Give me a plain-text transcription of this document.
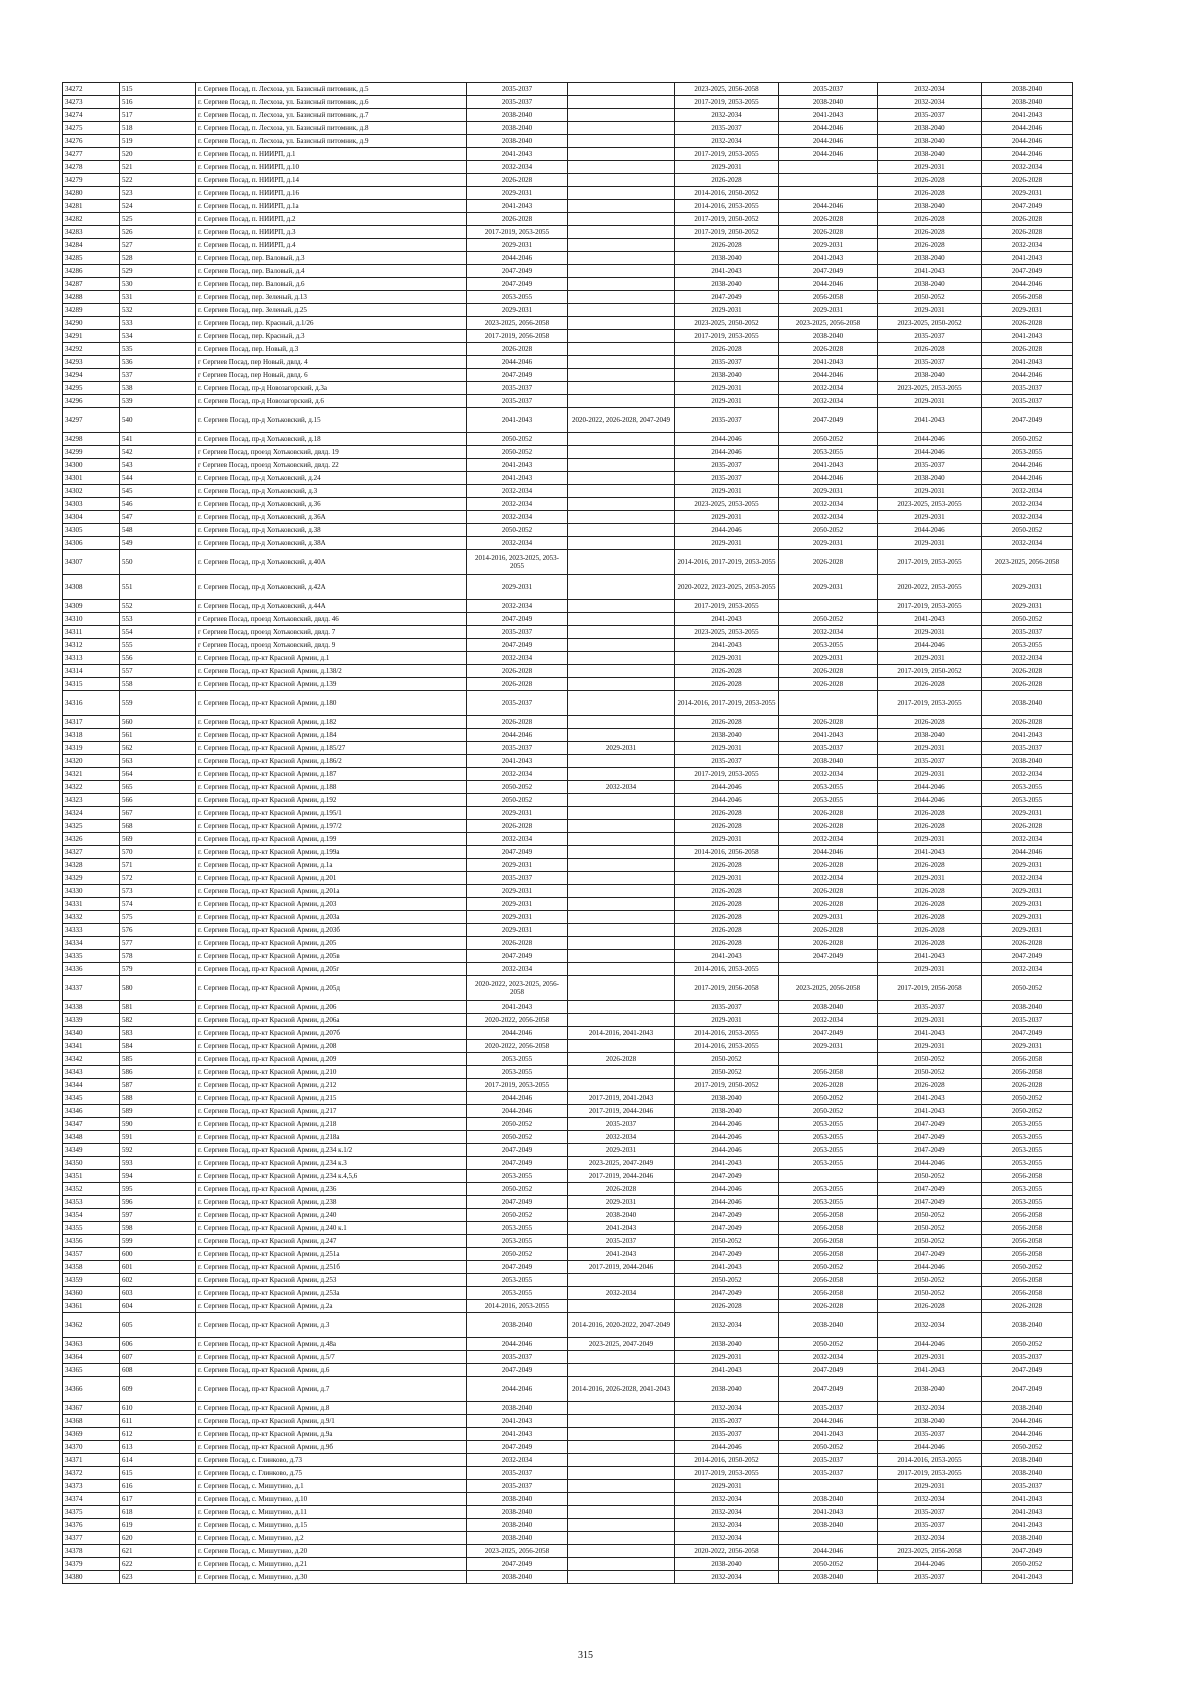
34272	515	г. Сергиев Посад, п. Лесхоза, ул. Базисный питомник, д.5	2035-2037		2023-2025, 2056-2058	2035-2037	2032-2034	2038-2040
34273	516	г. Сергиев Посад, п. Лесхоза, ул. Базисный питомник, д.6	2035-2037		2017-2019, 2053-2055	2038-2040	2032-2034	2038-2040
34274	517	г. Сергиев Посад, п. Лесхоза, ул. Базисный питомник, д.7	2038-2040		2032-2034	2041-2043	2035-2037	2041-2043
34275	518	г. Сергиев Посад, п. Лесхоза, ул. Базисный питомник, д.8	2038-2040		2035-2037	2044-2046	2038-2040	2044-2046
34276	519	г. Сергиев Посад, п. Лесхоза, ул. Базисный питомник, д.9	2038-2040		2032-2034	2044-2046	2038-2040	2044-2046
34277	520	г. Сергиев Посад, п. НИИРП, д.1	2041-2043		2017-2019, 2053-2055	2044-2046	2038-2040	2044-2046
34278	521	г. Сергиев Посад, п. НИИРП, д.10	2032-2034		2029-2031		2029-2031	2032-2034
34279	522	г. Сергиев Посад, п. НИИРП, д.14	2026-2028		2026-2028		2026-2028	2026-2028
34280	523	г. Сергиев Посад, п. НИИРП, д.16	2029-2031		2014-2016, 2050-2052		2026-2028	2029-2031
34281	524	г. Сергиев Посад, п. НИИРП, д.1а	2041-2043		2014-2016, 2053-2055	2044-2046	2038-2040	2047-2049
34282	525	г. Сергиев Посад, п. НИИРП, д.2	2026-2028		2017-2019, 2050-2052	2026-2028	2026-2028	2026-2028
34283	526	г. Сергиев Посад, п. НИИРП, д.3	2017-2019, 2053-2055		2017-2019, 2050-2052	2026-2028	2026-2028	2026-2028
34284	527	г. Сергиев Посад, п. НИИРП, д.4	2029-2031		2026-2028	2029-2031	2026-2028	2032-2034
34285	528	г. Сергиев Посад, пер. Валовый, д.3	2044-2046		2038-2040	2041-2043	2038-2040	2041-2043
34286	529	г. Сергиев Посад, пер. Валовый, д.4	2047-2049		2041-2043	2047-2049	2041-2043	2047-2049
34287	530	г. Сергиев Посад, пер. Валовый, д.6	2047-2049		2038-2040	2044-2046	2038-2040	2044-2046
34288	531	г. Сергиев Посад, пер. Зеленый, д.13	2053-2055		2047-2049	2056-2058	2050-2052	2056-2058
34289	532	г. Сергиев Посад, пер. Зеленый, д.25	2029-2031		2029-2031	2029-2031	2029-2031	2029-2031
34290	533	г. Сергиев Посад, пер. Красный, д.1/26	2023-2025, 2056-2058		2023-2025, 2050-2052	2023-2025, 2056-2058	2023-2025, 2050-2052	2026-2028
34291	534	г. Сергиев Посад, пер. Красный, д.3	2017-2019, 2056-2058		2017-2019, 2053-2055	2038-2040	2035-2037	2041-2043
34292	535	г. Сергиев Посад, пер. Новый, д.3	2026-2028		2026-2028	2026-2028	2026-2028	2026-2028
34293	536	г Сергиев Посад, пер Новый, двлд. 4	2044-2046		2035-2037	2041-2043	2035-2037	2041-2043
34294	537	г Сергиев Посад, пер Новый, двлд. 6	2047-2049		2038-2040	2044-2046	2038-2040	2044-2046
34295	538	г. Сергиев Посад, пр-д Новозагорский, д.3а	2035-2037		2029-2031	2032-2034	2023-2025, 2053-2055	2035-2037
34296	539	г. Сергиев Посад, пр-д Новозагорский, д.6	2035-2037		2029-2031	2032-2034	2029-2031	2035-2037
34297	540	г. Сергиев Посад, пр-д Хотьковский, д.15	2041-2043	2020-2022, 2026-2028, 2047-2049	2035-2037	2047-2049	2041-2043	2047-2049
34298	541	г. Сергиев Посад, пр-д Хотьковский, д.18	2050-2052		2044-2046	2050-2052	2044-2046	2050-2052
34299	542	г Сергиев Посад, проезд Хотьковский, двлд. 19	2050-2052		2044-2046	2053-2055	2044-2046	2053-2055
34300	543	г Сергиев Посад, проезд Хотьковский, двлд. 22	2041-2043		2035-2037	2041-2043	2035-2037	2044-2046
34301	544	г. Сергиев Посад, пр-д Хотьковский, д.24	2041-2043		2035-2037	2044-2046	2038-2040	2044-2046
34302	545	г. Сергиев Посад, пр-д Хотьковский, д.3	2032-2034		2029-2031	2029-2031	2029-2031	2032-2034
34303	546	г. Сергиев Посад, пр-д Хотьковский, д.36	2032-2034		2023-2025, 2053-2055	2032-2034	2023-2025, 2053-2055	2032-2034
34304	547	г. Сергиев Посад, пр-д Хотьковский, д.36А	2032-2034		2029-2031	2032-2034	2029-2031	2032-2034
34305	548	г. Сергиев Посад, пр-д Хотьковский, д.38	2050-2052		2044-2046	2050-2052	2044-2046	2050-2052
34306	549	г. Сергиев Посад, пр-д Хотьковский, д.38А	2032-2034		2029-2031	2029-2031	2029-2031	2032-2034
34307	550	г. Сергиев Посад, пр-д Хотьковский, д.40А	2014-2016, 2023-2025, 2053-2055		2014-2016, 2017-2019, 2053-2055	2026-2028	2017-2019, 2053-2055	2023-2025, 2056-2058
34308	551	г. Сергиев Посад, пр-д Хотьковский, д.42А	2029-2031		2020-2022, 2023-2025, 2053-2055	2029-2031	2020-2022, 2053-2055	2029-2031
34309	552	г. Сергиев Посад, пр-д Хотьковский, д.44А	2032-2034		2017-2019, 2053-2055		2017-2019, 2053-2055	2029-2031
34310	553	г Сергиев Посад, проезд Хотьковский, двлд. 46	2047-2049		2041-2043	2050-2052	2041-2043	2050-2052
34311	554	г Сергиев Посад, проезд Хотьковский, двлд. 7	2035-2037		2023-2025, 2053-2055	2032-2034	2029-2031	2035-2037
34312	555	г Сергиев Посад, проезд Хотьковский, двлд. 9	2047-2049		2041-2043	2053-2055	2044-2046	2053-2055
34313	556	г. Сергиев Посад, пр-кт Красной Армии, д.1	2032-2034		2029-2031	2029-2031	2029-2031	2032-2034
34314	557	г. Сергиев Посад, пр-кт Красной Армии, д.138/2	2026-2028		2026-2028	2026-2028	2017-2019, 2050-2052	2026-2028
34315	558	г. Сергиев Посад, пр-кт Красной Армии, д.139	2026-2028		2026-2028	2026-2028	2026-2028	2026-2028
34316	559	г. Сергиев Посад, пр-кт Красной Армии, д.180	2035-2037		2014-2016, 2017-2019, 2053-2055		2017-2019, 2053-2055	2038-2040
34317	560	г. Сергиев Посад, пр-кт Красной Армии, д.182	2026-2028		2026-2028	2026-2028	2026-2028	2026-2028
34318	561	г. Сергиев Посад, пр-кт Красной Армии, д.184	2044-2046		2038-2040	2041-2043	2038-2040	2041-2043
34319	562	г. Сергиев Посад, пр-кт Красной Армии, д.185/27	2035-2037	2029-2031	2029-2031	2035-2037	2029-2031	2035-2037
34320	563	г. Сергиев Посад, пр-кт Красной Армии, д.186/2	2041-2043		2035-2037	2038-2040	2035-2037	2038-2040
34321	564	г. Сергиев Посад, пр-кт Красной Армии, д.187	2032-2034		2017-2019, 2053-2055	2032-2034	2029-2031	2032-2034
34322	565	г. Сергиев Посад, пр-кт Красной Армии, д.188	2050-2052	2032-2034	2044-2046	2053-2055	2044-2046	2053-2055
34323	566	г. Сергиев Посад, пр-кт Красной Армии, д.192	2050-2052		2044-2046	2053-2055	2044-2046	2053-2055
34324	567	г. Сергиев Посад, пр-кт Красной Армии, д.195/1	2029-2031		2026-2028	2026-2028	2026-2028	2029-2031
34325	568	г. Сергиев Посад, пр-кт Красной Армии, д.197/2	2026-2028		2026-2028	2026-2028	2026-2028	2026-2028
34326	569	г. Сергиев Посад, пр-кт Красной Армии, д.199	2032-2034		2029-2031	2032-2034	2029-2031	2032-2034
34327	570	г. Сергиев Посад, пр-кт Красной Армии, д.199а	2047-2049		2014-2016, 2056-2058	2044-2046	2041-2043	2044-2046
34328	571	г. Сергиев Посад, пр-кт Красной Армии, д.1а	2029-2031		2026-2028	2026-2028	2026-2028	2029-2031
34329	572	г. Сергиев Посад, пр-кт Красной Армии, д.201	2035-2037		2029-2031	2032-2034	2029-2031	2032-2034
34330	573	г. Сергиев Посад, пр-кт Красной Армии, д.201а	2029-2031		2026-2028	2026-2028	2026-2028	2029-2031
34331	574	г. Сергиев Посад, пр-кт Красной Армии, д.203	2029-2031		2026-2028	2026-2028	2026-2028	2029-2031
34332	575	г. Сергиев Посад, пр-кт Красной Армии, д.203а	2029-2031		2026-2028	2029-2031	2026-2028	2029-2031
34333	576	г. Сергиев Посад, пр-кт Красной Армии, д.203б	2029-2031		2026-2028	2026-2028	2026-2028	2029-2031
34334	577	г. Сергиев Посад, пр-кт Красной Армии, д.205	2026-2028		2026-2028	2026-2028	2026-2028	2026-2028
34335	578	г. Сергиев Посад, пр-кт Красной Армии, д.205в	2047-2049		2041-2043	2047-2049	2041-2043	2047-2049
34336	579	г. Сергиев Посад, пр-кт Красной Армии, д.205г	2032-2034		2014-2016, 2053-2055		2029-2031	2032-2034
34337	580	г. Сергиев Посад, пр-кт Красной Армии, д.205д	2020-2022, 2023-2025, 2056-2058		2017-2019, 2056-2058	2023-2025, 2056-2058	2017-2019, 2056-2058	2050-2052
34338	581	г. Сергиев Посад, пр-кт Красной Армии, д.206	2041-2043		2035-2037	2038-2040	2035-2037	2038-2040
34339	582	г. Сергиев Посад, пр-кт Красной Армии, д.206а	2020-2022, 2056-2058		2029-2031	2032-2034	2029-2031	2035-2037
34340	583	г. Сергиев Посад, пр-кт Красной Армии, д.207б	2044-2046	2014-2016, 2041-2043	2014-2016, 2053-2055	2047-2049	2041-2043	2047-2049
34341	584	г. Сергиев Посад, пр-кт Красной Армии, д.208	2020-2022, 2056-2058		2014-2016, 2053-2055	2029-2031	2029-2031	2029-2031
34342	585	г. Сергиев Посад, пр-кт Красной Армии, д.209	2053-2055	2026-2028	2050-2052		2050-2052	2056-2058
34343	586	г. Сергиев Посад, пр-кт Красной Армии, д.210	2053-2055		2050-2052	2056-2058	2050-2052	2056-2058
34344	587	г. Сергиев Посад, пр-кт Красной Армии, д.212	2017-2019, 2053-2055		2017-2019, 2050-2052	2026-2028	2026-2028	2026-2028
34345	588	г. Сергиев Посад, пр-кт Красной Армии, д.215	2044-2046	2017-2019, 2041-2043	2038-2040	2050-2052	2041-2043	2050-2052
34346	589	г. Сергиев Посад, пр-кт Красной Армии, д.217	2044-2046	2017-2019, 2044-2046	2038-2040	2050-2052	2041-2043	2050-2052
34347	590	г. Сергиев Посад, пр-кт Красной Армии, д.218	2050-2052	2035-2037	2044-2046	2053-2055	2047-2049	2053-2055
34348	591	г. Сергиев Посад, пр-кт Красной Армии, д.218а	2050-2052	2032-2034	2044-2046	2053-2055	2047-2049	2053-2055
34349	592	г. Сергиев Посад, пр-кт Красной Армии, д.234 к.1/2	2047-2049	2029-2031	2044-2046	2053-2055	2047-2049	2053-2055
34350	593	г. Сергиев Посад, пр-кт Красной Армии, д.234 к.3	2047-2049	2023-2025, 2047-2049	2041-2043	2053-2055	2044-2046	2053-2055
34351	594	г. Сергиев Посад, пр-кт Красной Армии, д.234 к.4,5,6	2053-2055	2017-2019, 2044-2046	2047-2049		2050-2052	2056-2058
34352	595	г. Сергиев Посад, пр-кт Красной Армии, д.236	2050-2052	2026-2028	2044-2046	2053-2055	2047-2049	2053-2055
34353	596	г. Сергиев Посад, пр-кт Красной Армии, д.238	2047-2049	2029-2031	2044-2046	2053-2055	2047-2049	2053-2055
34354	597	г. Сергиев Посад, пр-кт Красной Армии, д.240	2050-2052	2038-2040	2047-2049	2056-2058	2050-2052	2056-2058
34355	598	г. Сергиев Посад, пр-кт Красной Армии, д.240 к.1	2053-2055	2041-2043	2047-2049	2056-2058	2050-2052	2056-2058
34356	599	г. Сергиев Посад, пр-кт Красной Армии, д.247	2053-2055	2035-2037	2050-2052	2056-2058	2050-2052	2056-2058
34357	600	г. Сергиев Посад, пр-кт Красной Армии, д.251а	2050-2052	2041-2043	2047-2049	2056-2058	2047-2049	2056-2058
34358	601	г. Сергиев Посад, пр-кт Красной Армии, д.251б	2047-2049	2017-2019, 2044-2046	2041-2043	2050-2052	2044-2046	2050-2052
34359	602	г. Сергиев Посад, пр-кт Красной Армии, д.253	2053-2055		2050-2052	2056-2058	2050-2052	2056-2058
34360	603	г. Сергиев Посад, пр-кт Красной Армии, д.253а	2053-2055	2032-2034	2047-2049	2056-2058	2050-2052	2056-2058
34361	604	г. Сергиев Посад, пр-кт Красной Армии, д.2а	2014-2016, 2053-2055		2026-2028	2026-2028	2026-2028	2026-2028
34362	605	г. Сергиев Посад, пр-кт Красной Армии, д.3	2038-2040	2014-2016, 2020-2022, 2047-2049	2032-2034	2038-2040	2032-2034	2038-2040
34363	606	г. Сергиев Посад, пр-кт Красной Армии, д.48а	2044-2046	2023-2025, 2047-2049	2038-2040	2050-2052	2044-2046	2050-2052
34364	607	г. Сергиев Посад, пр-кт Красной Армии, д.5/7	2035-2037		2029-2031	2032-2034	2029-2031	2035-2037
34365	608	г. Сергиев Посад, пр-кт Красной Армии, д.6	2047-2049		2041-2043	2047-2049	2041-2043	2047-2049
34366	609	г. Сергиев Посад, пр-кт Красной Армии, д.7	2044-2046	2014-2016, 2026-2028, 2041-2043	2038-2040	2047-2049	2038-2040	2047-2049
34367	610	г. Сергиев Посад, пр-кт Красной Армии, д.8	2038-2040		2032-2034	2035-2037	2032-2034	2038-2040
34368	611	г. Сергиев Посад, пр-кт Красной Армии, д.9/1	2041-2043		2035-2037	2044-2046	2038-2040	2044-2046
34369	612	г. Сергиев Посад, пр-кт Красной Армии, д.9а	2041-2043		2035-2037	2041-2043	2035-2037	2044-2046
34370	613	г. Сергиев Посад, пр-кт Красной Армии, д.9б	2047-2049		2044-2046	2050-2052	2044-2046	2050-2052
34371	614	г. Сергиев Посад, с. Глинково, д.73	2032-2034		2014-2016, 2050-2052	2035-2037	2014-2016, 2053-2055	2038-2040
34372	615	г. Сергиев Посад, с. Глинково, д.75	2035-2037		2017-2019, 2053-2055	2035-2037	2017-2019, 2053-2055	2038-2040
34373	616	г. Сергиев Посад, с. Мишутино, д.1	2035-2037		2029-2031		2029-2031	2035-2037
34374	617	г. Сергиев Посад, с. Мишутино, д.10	2038-2040		2032-2034	2038-2040	2032-2034	2041-2043
34375	618	г. Сергиев Посад, с. Мишутино, д.11	2038-2040		2032-2034	2041-2043	2035-2037	2041-2043
34376	619	г. Сергиев Посад, с. Мишутино, д.15	2038-2040		2032-2034	2038-2040	2035-2037	2041-2043
34377	620	г. Сергиев Посад, с. Мишутино, д.2	2038-2040		2032-2034		2032-2034	2038-2040
34378	621	г. Сергиев Посад, с. Мишутино, д.20	2023-2025, 2056-2058		2020-2022, 2056-2058	2044-2046	2023-2025, 2056-2058	2047-2049
34379	622	г. Сергиев Посад, с. Мишутино, д.21	2047-2049		2038-2040	2050-2052	2044-2046	2050-2052
34380	623	г. Сергиев Посад, с. Мишутино, д.30	2038-2040		2032-2034	2038-2040	2035-2037	2041-2043
315
